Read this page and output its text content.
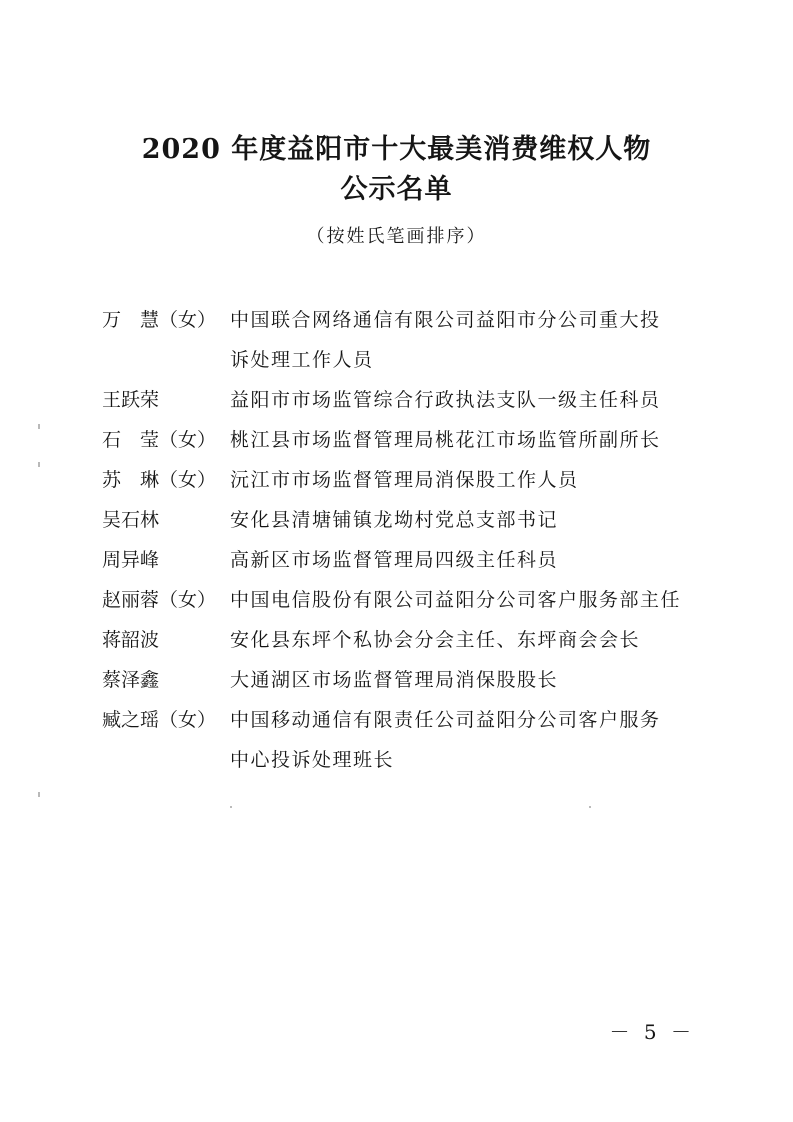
2020 年度益阳市十大最美消费维权人物
公示名单
（按姓氏笔画排序）
万　慧（女） 中国联合网络通信有限公司益阳市分公司重大投
诉处理工作人员
王跃荣	益阳市市场监管综合行政执法支队一级主任科员
石　莹（女） 桃江县市场监督管理局桃花江市场监管所副所长
苏　琳（女） 沅江市市场监督管理局消保股工作人员
吴石林	安化县清塘铺镇龙坳村党总支部书记
周异峰	高新区市场监督管理局四级主任科员
赵丽蓉（女） 中国电信股份有限公司益阳分公司客户服务部主任
蒋韶波	安化县东坪个私协会分会主任、东坪商会会长
蔡泽鑫	大通湖区市场监督管理局消保股股长
臧之瑶（女） 中国移动通信有限责任公司益阳分公司客户服务
中心投诉处理班长
－ 5 －
